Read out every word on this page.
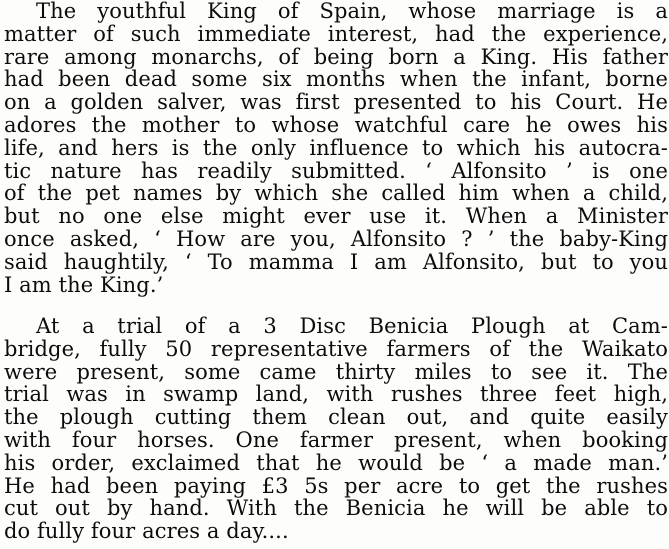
The youthful King of Spain, whose marriage is a
matter of such immediate interest, had the experience,
rare among monarchs, of being born a King. His father
had been dead some six months when the infant, borne
on a golden salver, was first presented to his Court. He
adores the mother to whose watchful care he owes his
life, and hers is the only influence to which his autocra-
tic nature has readily submitted. ‘ Alfonsito ’ is one
of the pet names by which she called him when a child,
but no one else might ever use it. When a Minister
once asked, ‘ How are you, Alfonsito ? ’ the baby-King
said haughtily, ‘ To mamma I am Alfonsito, but to you
I am the King.’
At a trial of a 3 Disc Benicia Plough at Cam-
bridge, fully 50 representative farmers of the Waikato
were present, some came thirty miles to see it. The
trial was in swamp land, with rushes three feet high,
the plough cutting them clean out, and quite easily
with four horses. One farmer present, when booking
his order, exclaimed that he would be ‘ a made man.’
He had been paying £3 5s per acre to get the rushes
cut out by hand. With the Benicia he will be able to
do fully four acres a day....
